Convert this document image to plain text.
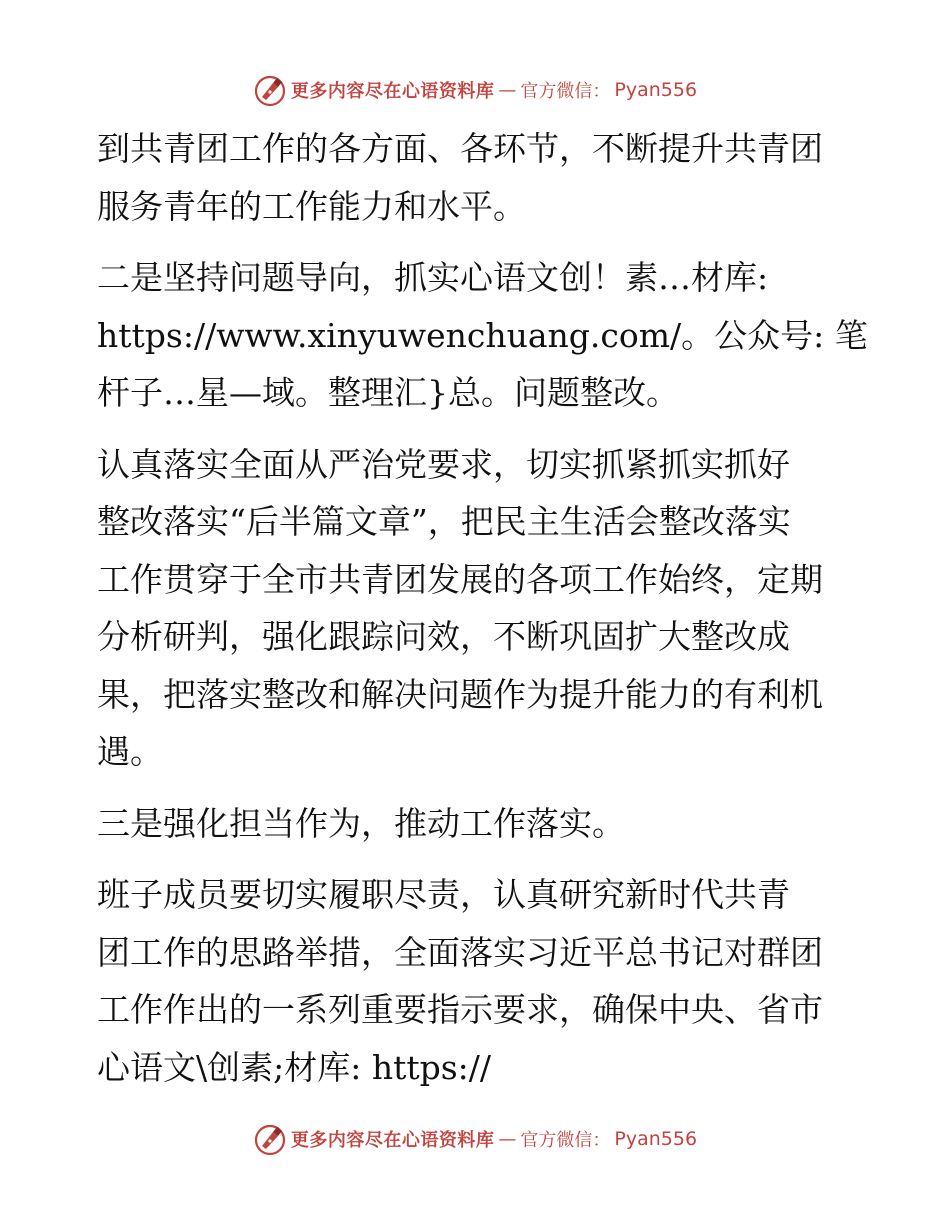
更多内容尽在心语资料库 — 官方微信： Pyan556

到共青团工作的各方面、各环节，不断提升共青团
服务青年的工作能力和水平。

二是坚持问题导向，抓实心语文创！素…材库:
https://www.xinyuwenchuang.com/。公众号: 笔
杆子…星—域。整理汇}总。问题整改。

认真落实全面从严治党要求，切实抓紧抓实抓好
整改落实“后半篇文章”，把民主生活会整改落实
工作贯穿于全市共青团发展的各项工作始终，定期
分析研判，强化跟踪问效，不断巩固扩大整改成
果，把落实整改和解决问题作为提升能力的有利机
遇。

三是强化担当作为，推动工作落实。

班子成员要切实履职尽责，认真研究新时代共青
团工作的思路举措，全面落实习近平总书记对群团
工作作出的一系列重要指示要求，确保中央、省市
心语文\创素;材库: https://

更多内容尽在心语资料库 — 官方微信： Pyan556
